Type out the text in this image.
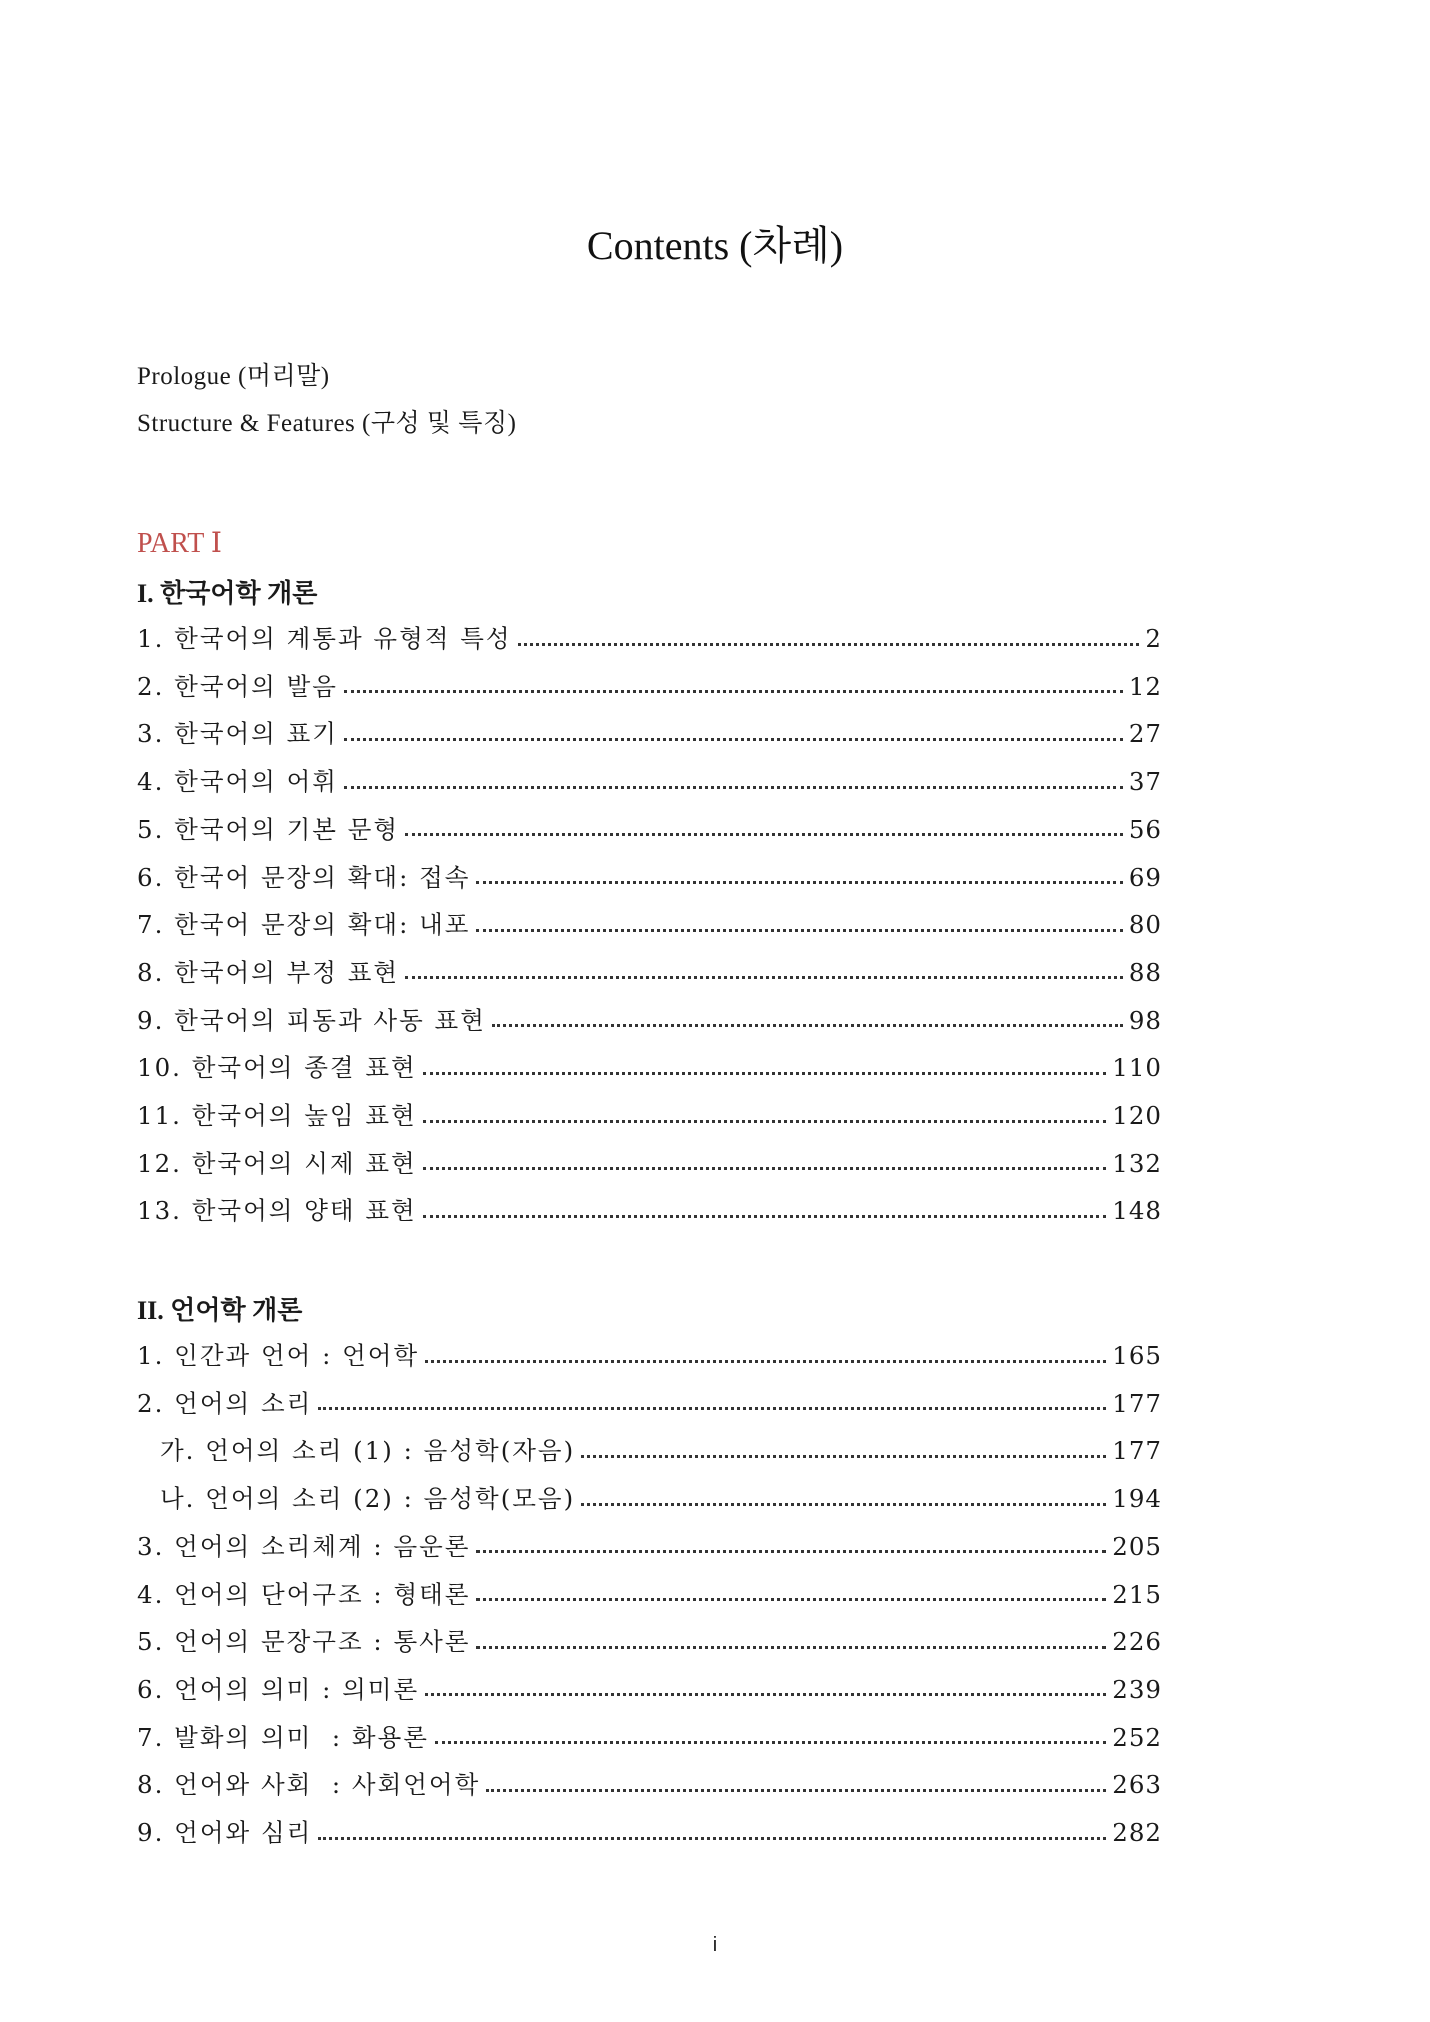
Contents (차례)
Prologue (머리말)
Structure & Features (구성 및 특징)
PART Ⅰ
I. 한국어학 개론
1. 한국어의 계통과 유형적 특성	2
2. 한국어의 발음	12
3. 한국어의 표기	27
4. 한국어의 어휘	37
5. 한국어의 기본 문형	56
6. 한국어 문장의 확대: 접속	69
7. 한국어 문장의 확대: 내포	80
8. 한국어의 부정 표현	88
9. 한국어의 피동과 사동 표현	98
10. 한국어의 종결 표현	110
11. 한국어의 높임 표현	120
12. 한국어의 시제 표현	132
13. 한국어의 양태 표현	148
II. 언어학 개론
1. 인간과 언어 : 언어학	165
2. 언어의 소리	177
가. 언어의 소리 (1) : 음성학(자음)	177
나. 언어의 소리 (2) : 음성학(모음)	194
3. 언어의 소리체계 : 음운론	205
4. 언어의 단어구조 : 형태론	215
5. 언어의 문장구조 : 통사론	226
6. 언어의 의미 : 의미론	239
7. 발화의 의미  : 화용론	252
8. 언어와 사회  : 사회언어학	263
9. 언어와 심리	282
i
